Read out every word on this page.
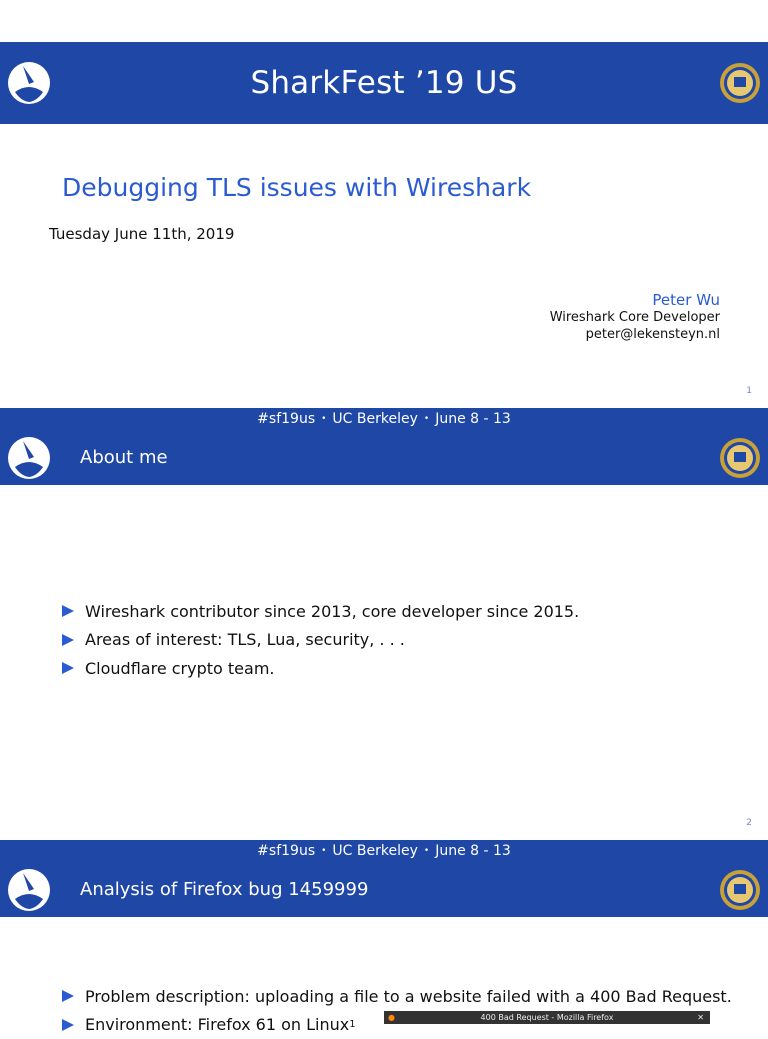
SharkFest ’19 US
Debugging TLS issues with Wireshark
Tuesday June 11th, 2019
Peter Wu
Wireshark Core Developer
peter@lekensteyn.nl
1
#sf19us • UC Berkeley • June 8 - 13
About me
Wireshark contributor since 2013, core developer since 2015.
Areas of interest: TLS, Lua, security, . . .
Cloudflare crypto team.
2
#sf19us • UC Berkeley • June 8 - 13
Analysis of Firefox bug 1459999
Problem description: uploading a file to a website failed with a 400 Bad Request.
Environment: Firefox 61 on Linux 1
●	400 Bad Request - Mozilla Firefox	✕
